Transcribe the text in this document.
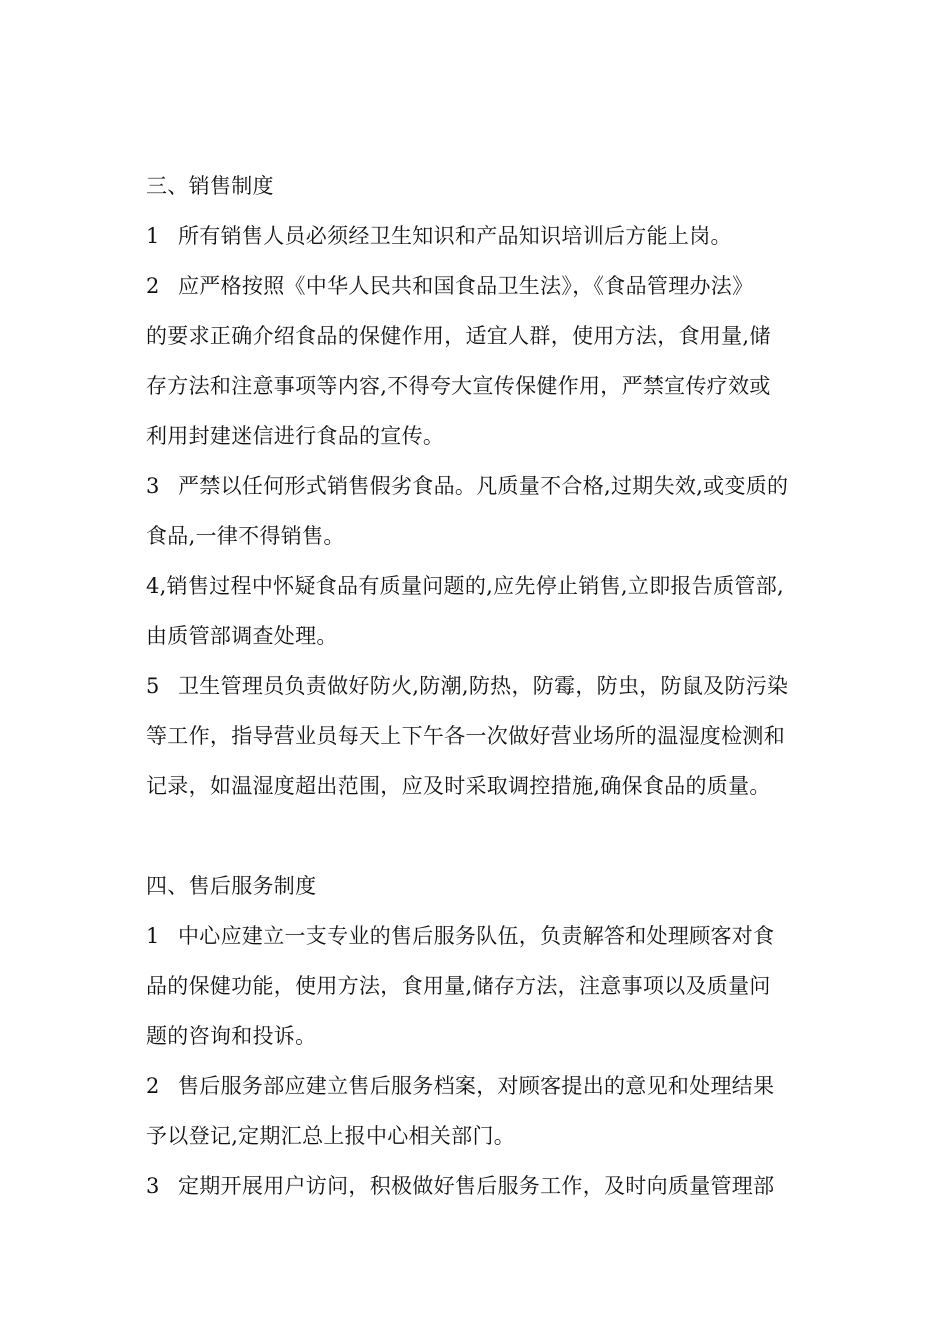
三、销售制度
1 所有销售人员必须经卫生知识和产品知识培训后方能上岗。
2 应严格按照《中华人民共和国食品卫生法》，《食品管理办法》
的要求正确介绍食品的保健作用，适宜人群，使用方法，食用量,储
存方法和注意事项等内容,不得夸大宣传保健作用，严禁宣传疗效或
利用封建迷信进行食品的宣传。
3 严禁以任何形式销售假劣食品。凡质量不合格,过期失效,或变质的
食品,一律不得销售。
4,销售过程中怀疑食品有质量问题的,应先停止销售,立即报告质管部,
由质管部调查处理。
5 卫生管理员负责做好防火,防潮,防热，防霉，防虫，防鼠及防污染
等工作，指导营业员每天上下午各一次做好营业场所的温湿度检测和
记录，如温湿度超出范围，应及时采取调控措施,确保食品的质量。
四、售后服务制度
1 中心应建立一支专业的售后服务队伍，负责解答和处理顾客对食
品的保健功能，使用方法，食用量,储存方法，注意事项以及质量问
题的咨询和投诉。
2 售后服务部应建立售后服务档案，对顾客提出的意见和处理结果
予以登记,定期汇总上报中心相关部门。
3 定期开展用户访问，积极做好售后服务工作，及时向质量管理部
